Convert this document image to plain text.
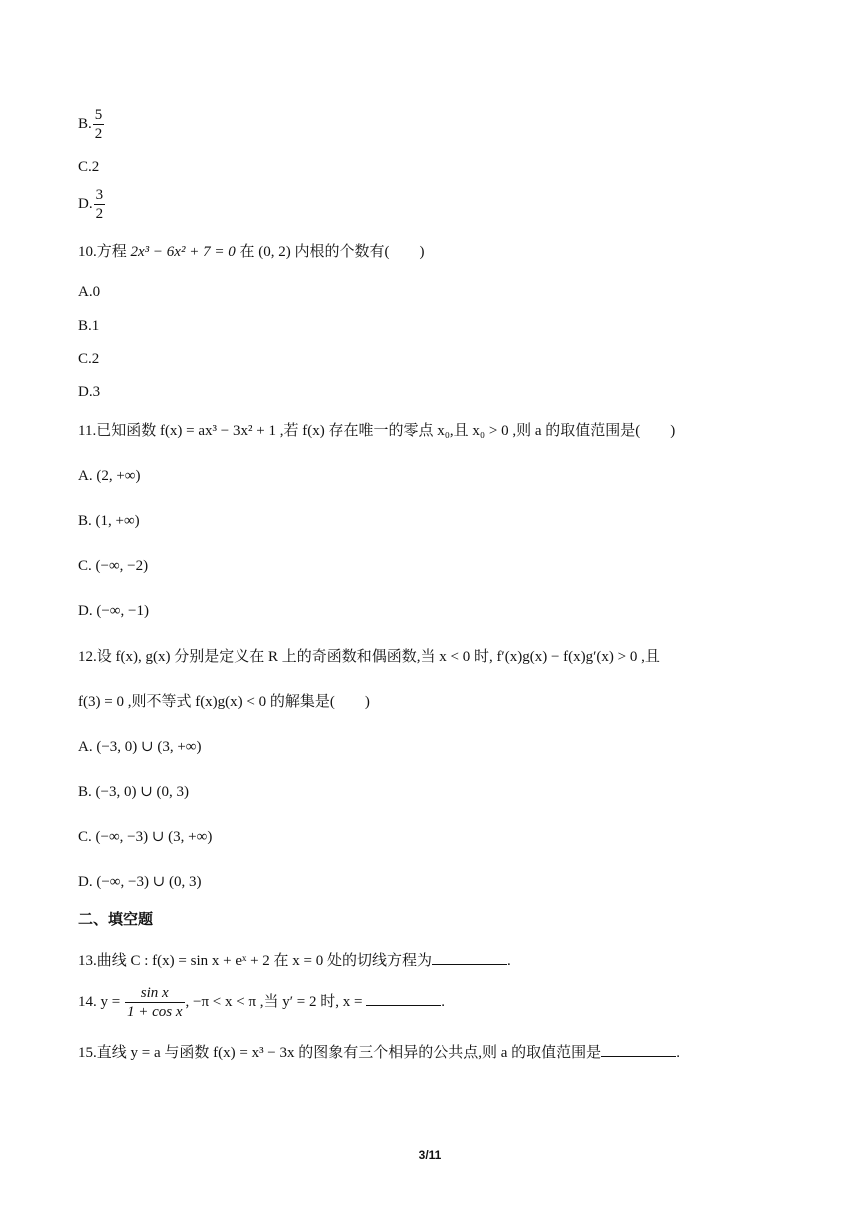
B. $\frac{5}{2}$
C.2
D. $\frac{3}{2}$
10.方程 2x³ − 6x² + 7 = 0 在 (0, 2) 内根的个数有(　　)
A.0
B.1
C.2
D.3
11.已知函数 f(x) = ax³ − 3x² + 1 ,若 f(x) 存在唯一的零点 x₀,且 x₀ > 0 ,则 a 的取值范围是(　　)
A. (2, +∞)
B. (1, +∞)
C. (−∞, −2)
D. (−∞, −1)
12.设 f(x), g(x) 分别是定义在 R 上的奇函数和偶函数,当 x < 0 时, f′(x)g(x) − f(x)g′(x) > 0 ,且
f(3) = 0 ,则不等式 f(x)g(x) < 0 的解集是(　　)
A. (−3, 0) ∪ (3, +∞)
B. (−3, 0) ∪ (0, 3)
C. (−∞, −3) ∪ (3, +∞)
D. (−∞, −3) ∪ (0, 3)
二、填空题
13.曲线 C : f(x) = sin x + eˣ + 2 在 x = 0 处的切线方程为	.
14. $y = \frac{\text{sin x}}{\text{1 + cos x}}$ , −π < x < π ,当 y′ = 2 时, x =	.
15.直线 y = a 与函数 f(x) = x³ − 3x 的图象有三个相异的公共点,则 a 的取值范围是	.
3/11
